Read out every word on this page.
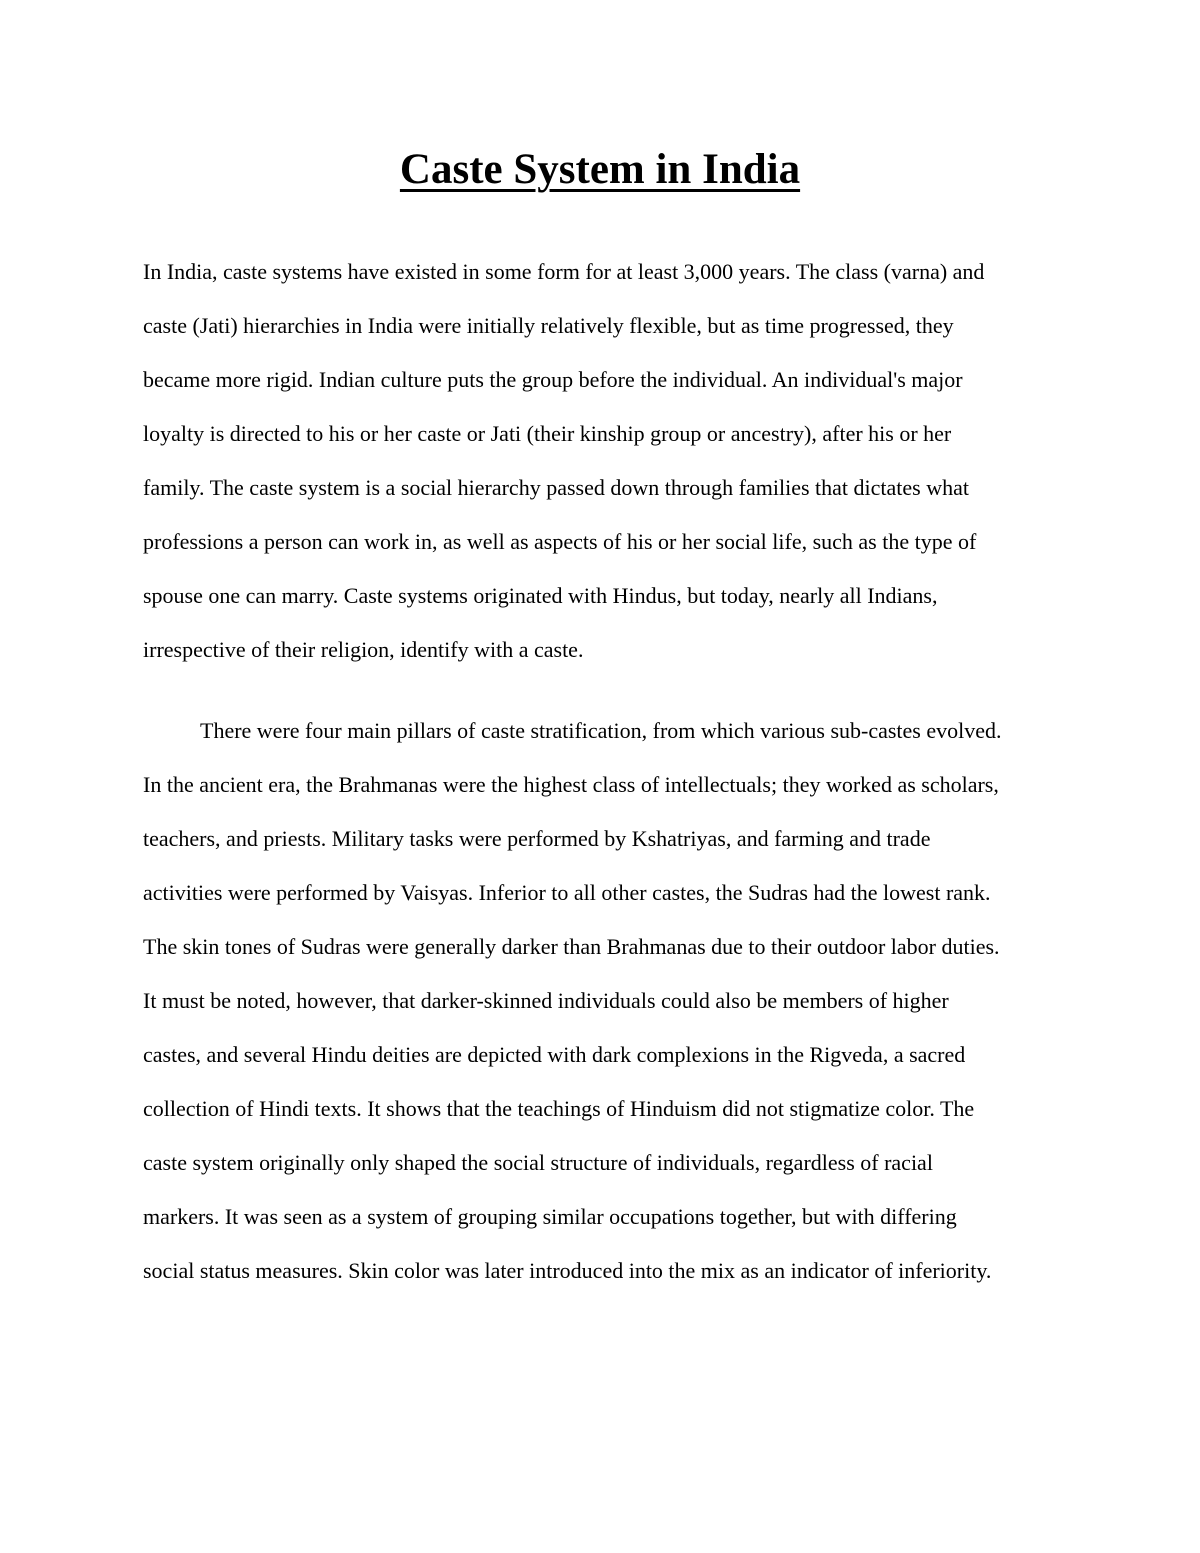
Caste System in India

In India, caste systems have existed in some form for at least 3,000 years. The class (varna) and

caste (Jati) hierarchies in India were initially relatively flexible, but as time progressed, they

became more rigid. Indian culture puts the group before the individual. An individual's major

loyalty is directed to his or her caste or Jati (their kinship group or ancestry), after his or her

family. The caste system is a social hierarchy passed down through families that dictates what

professions a person can work in, as well as aspects of his or her social life, such as the type of

spouse one can marry. Caste systems originated with Hindus, but today, nearly all Indians,

irrespective of their religion, identify with a caste.

There were four main pillars of caste stratification, from which various sub-castes evolved.

In the ancient era, the Brahmanas were the highest class of intellectuals; they worked as scholars,

teachers, and priests. Military tasks were performed by Kshatriyas, and farming and trade

activities were performed by Vaisyas. Inferior to all other castes, the Sudras had the lowest rank.

The skin tones of Sudras were generally darker than Brahmanas due to their outdoor labor duties.

It must be noted, however, that darker-skinned individuals could also be members of higher

castes, and several Hindu deities are depicted with dark complexions in the Rigveda, a sacred

collection of Hindi texts. It shows that the teachings of Hinduism did not stigmatize color. The

caste system originally only shaped the social structure of individuals, regardless of racial

markers. It was seen as a system of grouping similar occupations together, but with differing

social status measures. Skin color was later introduced into the mix as an indicator of inferiority.
